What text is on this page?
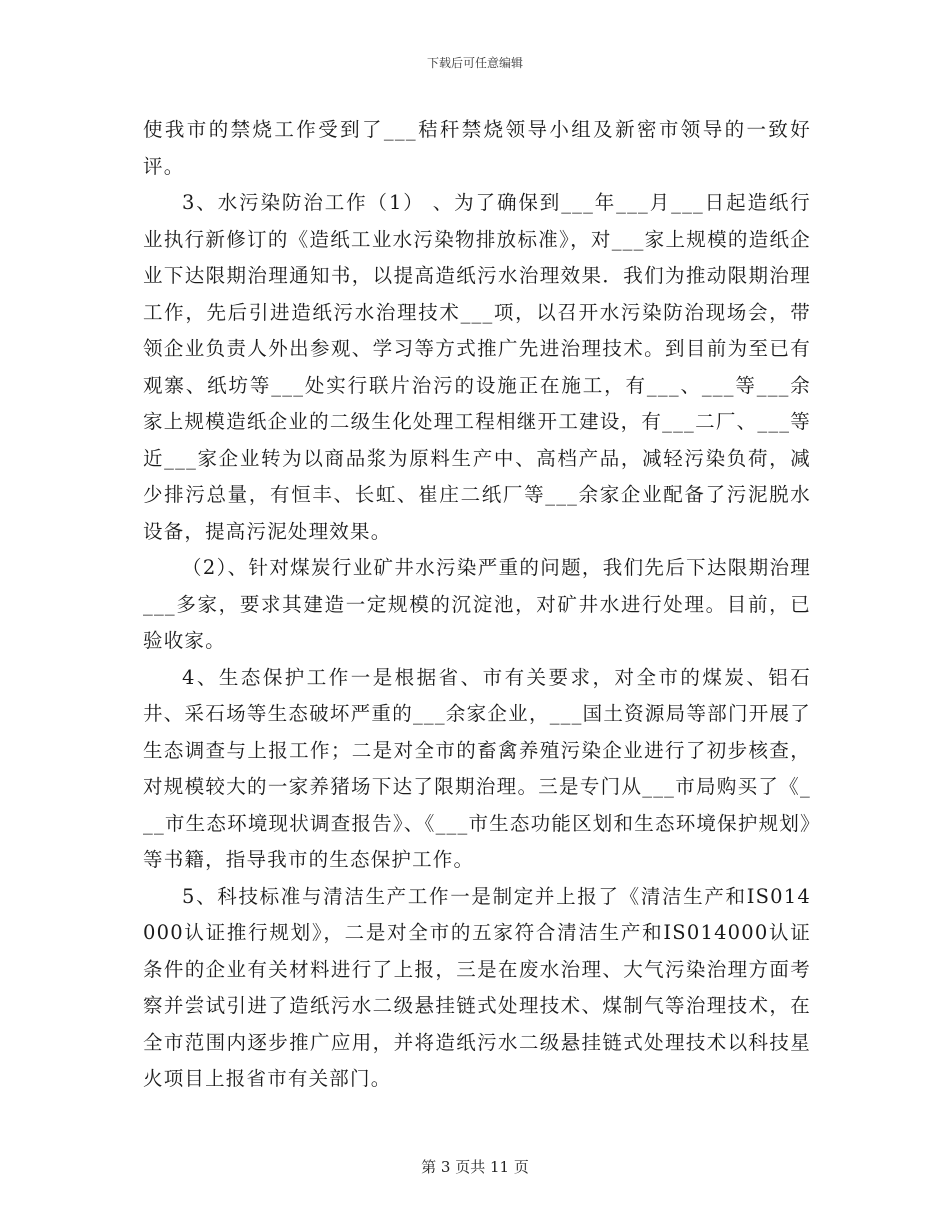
下载后可任意编辑

使我市的禁烧工作受到了___秸秆禁烧领导小组及新密市领导的一致好评。

3、水污染防治工作（1） 、为了确保到___年___月___日起造纸行业执行新修订的《造纸工业水污染物排放标准》，对___家上规模的造纸企业下达限期治理通知书，以提高造纸污水治理效果．我们为推动限期治理工作，先后引进造纸污水治理技术___项，以召开水污染防治现场会，带领企业负责人外出参观、学习等方式推广先进治理技术。到目前为至已有观寨、纸坊等___处实行联片治污的设施正在施工，有___、___等___余家上规模造纸企业的二级生化处理工程相继开工建设，有___二厂、___等近___家企业转为以商品浆为原料生产中、高档产品，减轻污染负荷，减少排污总量，有恒丰、长虹、崔庄二纸厂等___余家企业配备了污泥脱水设备，提高污泥处理效果。

（2）、针对煤炭行业矿井水污染严重的问题，我们先后下达限期治理___多家，要求其建造一定规模的沉淀池，对矿井水进行处理。目前，已验收家。

4、生态保护工作一是根据省、市有关要求，对全市的煤炭、铝石井、采石场等生态破坏严重的___余家企业，___国土资源局等部门开展了生态调查与上报工作；二是对全市的畜禽养殖污染企业进行了初步核查，对规模较大的一家养猪场下达了限期治理。三是专门从___市局购买了《___市生态环境现状调查报告》、《___市生态功能区划和生态环境保护规划》等书籍，指导我市的生态保护工作。

5、科技标准与清洁生产工作一是制定并上报了《清洁生产和IS014000认证推行规划》，二是对全市的五家符合清洁生产和IS014000认证条件的企业有关材料进行了上报，三是在废水治理、大气污染治理方面考察并尝试引进了造纸污水二级悬挂链式处理技术、煤制气等治理技术，在全市范围内逐步推广应用，并将造纸污水二级悬挂链式处理技术以科技星火项目上报省市有关部门。

第 3 页共 11 页
